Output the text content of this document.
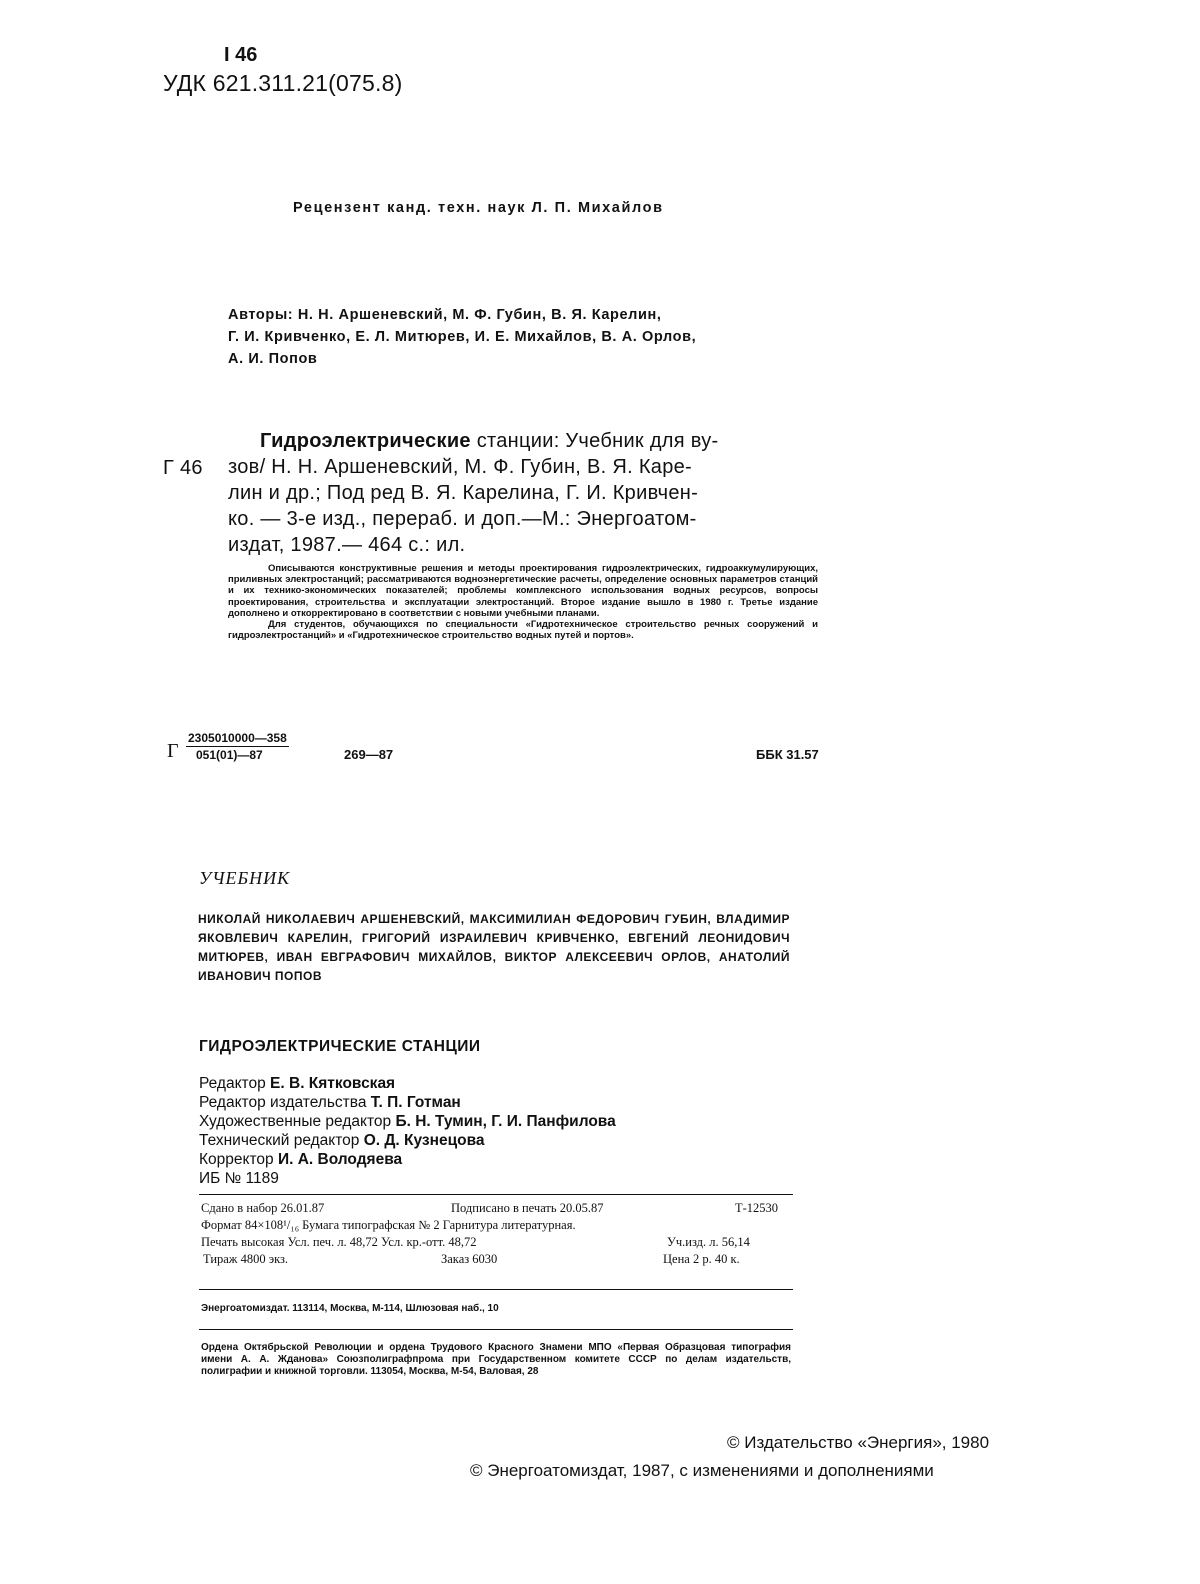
I 46
УДК 621.311.21(075.8)
Рецензент канд. техн. наук Л. П. Михайлов
Авторы: Н. Н. Аршеневский, М. Ф. Губин, В. Я. Карелин,
Г. И. Кривченко, Е. Л. Митюрев, И. Е. Михайлов, В. А. Орлов,
А. И. Попов
Г 46
Гидроэлектрические станции: Учебник для ву-
зов/ Н. Н. Аршеневский, М. Ф. Губин, В. Я. Каре-
лин и др.; Под ред В. Я. Карелина, Г. И. Кривчен-
ко. — 3-е изд., перераб. и доп.—М.: Энергоатом-
издат, 1987.— 464 с.: ил.

Описываются конструктивные решения и методы проектирования гидроэлектрических, гидроаккумулирующих, приливных электростанций; рассматриваются водноэнергетические расчеты, определение основных параметров станций и их технико-экономических показателей; проблемы комплексного использования водных ресурсов, вопросы проектирования, строительства и эксплуатации электростанций. Второе издание вышло в 1980 г. Третье издание дополнено и откорректировано в соответствии с новыми учебными планами.

Для студентов, обучающихся по специальности «Гидротехническое строительство речных сооружений и гидроэлектростанций» и «Гидротехническое строительство водных путей и портов».

Г $\frac{2305010000—358}{051(01)—87}$	269—87	ББК 31.57
УЧЕБНИК
НИКОЛАЙ НИКОЛАЕВИЧ АРШЕНЕВСКИЙ, МАКСИМИЛИАН ФЕДОРОВИЧ ГУБИН, ВЛАДИМИР ЯКОВЛЕВИЧ КАРЕЛИН, ГРИГОРИЙ ИЗРАИЛЕВИЧ КРИВЧЕНКО, ЕВГЕНИЙ ЛЕОНИДОВИЧ МИТЮРЕВ, ИВАН ЕВГРАФОВИЧ МИХАЙЛОВ, ВИКТОР АЛЕКСЕЕВИЧ ОРЛОВ, АНАТОЛИЙ ИВАНОВИЧ ПОПОВ
ГИДРОЭЛЕКТРИЧЕСКИЕ СТАНЦИИ
Редактор Е. В. Кятковская
Редактор издательства Т. П. Готман
Художественные редактор Б. Н. Тумин, Г. И. Панфилова
Технический редактор О. Д. Кузнецова
Корректор И. А. Володяева
ИБ № 1189
Сдано в набор 26.01.87	Подписано в печать 20.05.87	Т-12530
Формат 84×108¹/₁₆ Бумага типографская № 2 Гарнитура литературная.
Печать высокая Усл. печ. л. 48,72 Усл. кр.-отт. 48,72	Уч.изд. л. 56,14
Тираж 4800 экз.	Заказ 6030	Цена 2 р. 40 к.
Энергоатомиздат. 113114, Москва, М-114, Шлюзовая наб., 10
Ордена Октябрьской Революции и ордена Трудового Красного Знамени МПО «Первая Образцовая типография имени А. А. Жданова» Союзполиграфпрома при Государственном комитете СССР по делам издательств, полиграфии и книжной торговли. 113054, Москва, М-54, Валовая, 28
© Издательство «Энергия», 1980
© Энергоатомиздат, 1987, с изменениями и дополнениями
